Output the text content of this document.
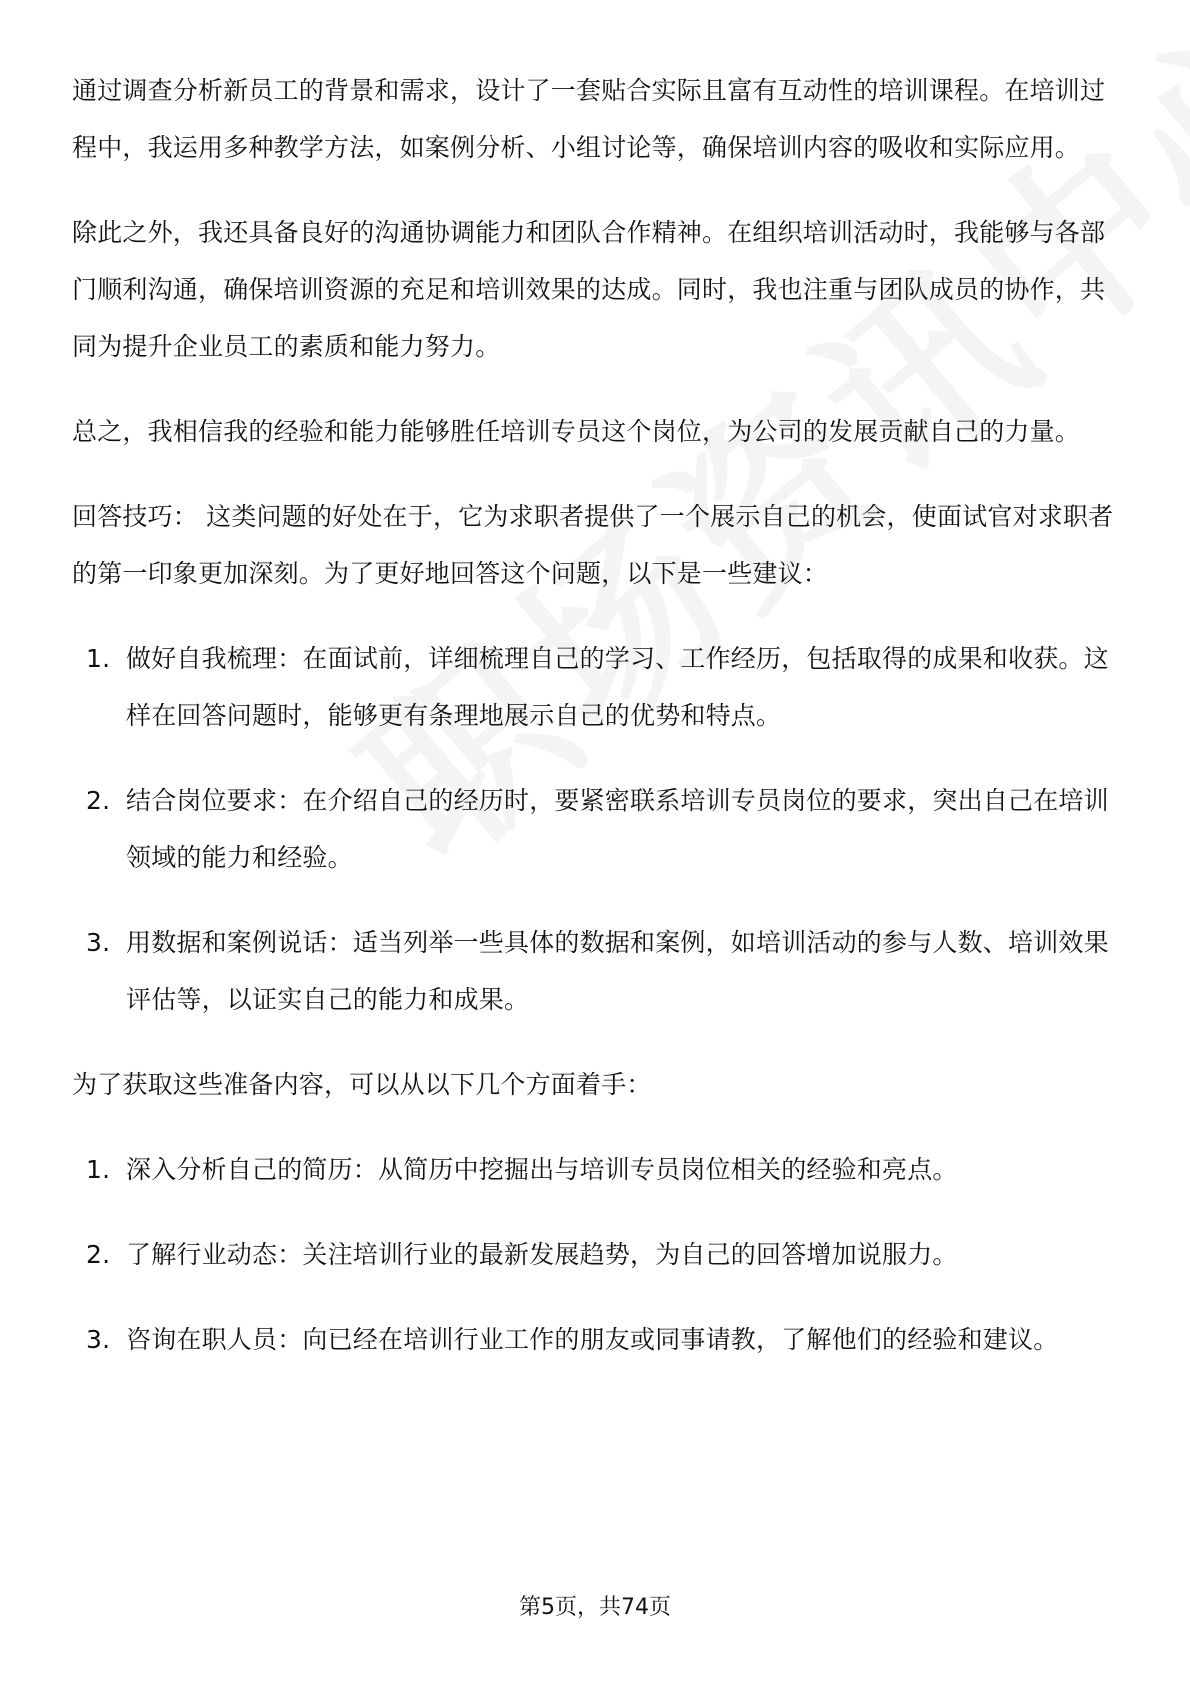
通过调查分析新员工的背景和需求，设计了一套贴合实际且富有互动性的培训课程。在培训过程中，我运用多种教学方法，如案例分析、小组讨论等，确保培训内容的吸收和实际应用。

除此之外，我还具备良好的沟通协调能力和团队合作精神。在组织培训活动时，我能够与各部门顺利沟通，确保培训资源的充足和培训效果的达成。同时，我也注重与团队成员的协作，共同为提升企业员工的素质和能力努力。

总之，我相信我的经验和能力能够胜任培训专员这个岗位，为公司的发展贡献自己的力量。

回答技巧： 这类问题的好处在于，它为求职者提供了一个展示自己的机会，使面试官对求职者的第一印象更加深刻。为了更好地回答这个问题，以下是一些建议：

1. 做好自我梳理：在面试前，详细梳理自己的学习、工作经历，包括取得的成果和收获。这样在回答问题时，能够更有条理地展示自己的优势和特点。
2. 结合岗位要求：在介绍自己的经历时，要紧密联系培训专员岗位的要求，突出自己在培训领域的能力和经验。
3. 用数据和案例说话：适当列举一些具体的数据和案例，如培训活动的参与人数、培训效果评估等，以证实自己的能力和成果。

为了获取这些准备内容，可以从以下几个方面着手：

1. 深入分析自己的简历：从简历中挖掘出与培训专员岗位相关的经验和亮点。
2. 了解行业动态：关注培训行业的最新发展趋势，为自己的回答增加说服力。
3. 咨询在职人员：向已经在培训行业工作的朋友或同事请教，了解他们的经验和建议。
第5页，共74页
